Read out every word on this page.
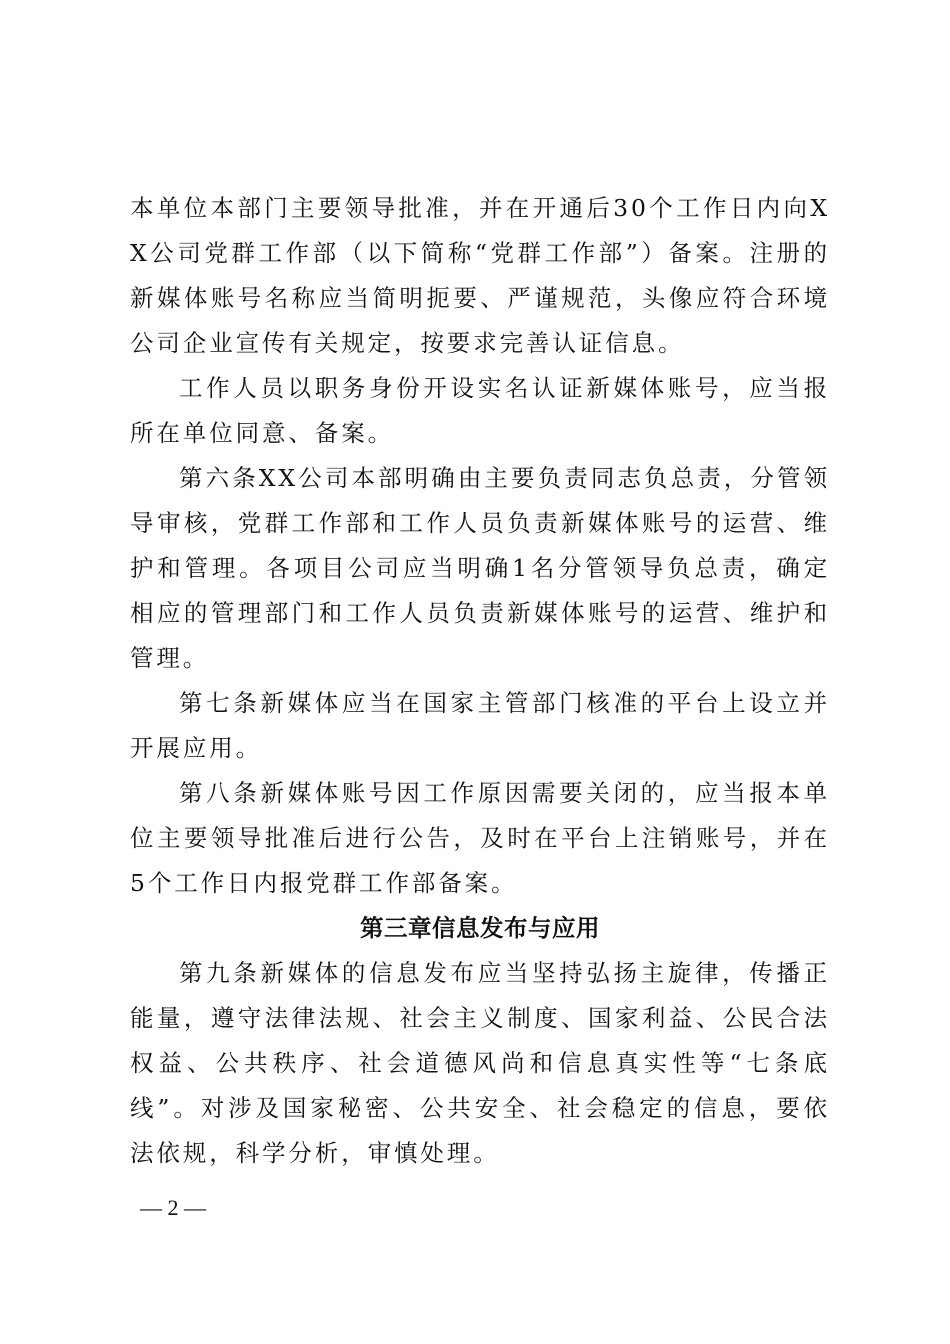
本单位本部门主要领导批准，并在开通后30个工作日内向XX公司党群工作部（以下简称“党群工作部”）备案。注册的新媒体账号名称应当简明扼要、严谨规范，头像应符合环境公司企业宣传有关规定，按要求完善认证信息。

工作人员以职务身份开设实名认证新媒体账号，应当报所在单位同意、备案。

第六条XX公司本部明确由主要负责同志负总责，分管领导审核，党群工作部和工作人员负责新媒体账号的运营、维护和管理。各项目公司应当明确1名分管领导负总责，确定相应的管理部门和工作人员负责新媒体账号的运营、维护和管理。

第七条新媒体应当在国家主管部门核准的平台上设立并开展应用。

第八条新媒体账号因工作原因需要关闭的，应当报本单位主要领导批准后进行公告，及时在平台上注销账号，并在5个工作日内报党群工作部备案。

第三章信息发布与应用

第九条新媒体的信息发布应当坚持弘扬主旋律，传播正能量，遵守法律法规、社会主义制度、国家利益、公民合法权益、公共秩序、社会道德风尚和信息真实性等“七条底线”。对涉及国家秘密、公共安全、社会稳定的信息，要依法依规，科学分析，审慎处理。

— 2 —
